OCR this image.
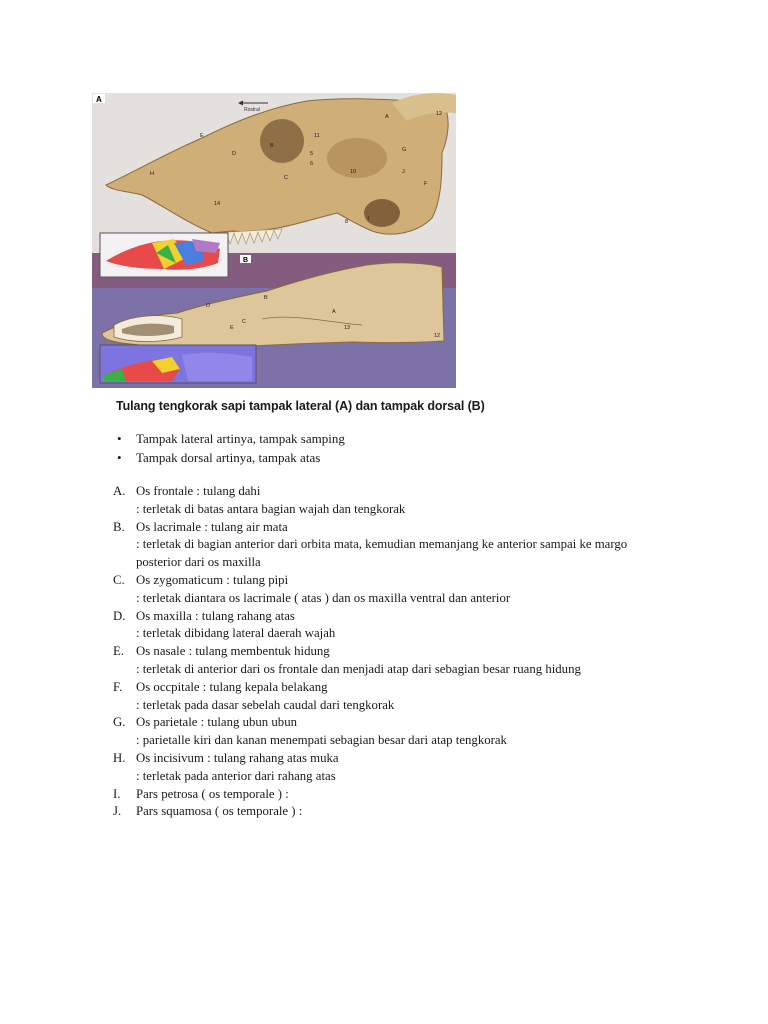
Rostral
A
A
B
C
D
E
F
G
H
I
J
5
6
8
10
11
12
14
B
A
B
C
D
E
12
13
Tulang tengkorak sapi tampak lateral (A) dan tampak dorsal (B)
• Tampak lateral artinya, tampak samping
• Tampak dorsal artinya, tampak atas
A. Os frontale : tulang dahi
: terletak di batas antara bagian wajah dan tengkorak
B. Os lacrimale : tulang air mata
: terletak di bagian anterior dari orbita mata, kemudian memanjang ke anterior sampai ke margo posterior dari os maxilla
C. Os zygomaticum : tulang pipi
: terletak diantara os lacrimale ( atas ) dan os maxilla ventral dan anterior
D. Os maxilla : tulang rahang atas
: terletak dibidang lateral daerah wajah
E. Os nasale : tulang membentuk hidung
: terletak di anterior dari os frontale dan menjadi atap dari sebagian besar ruang hidung
F. Os occpitale : tulang kepala belakang
: terletak pada dasar sebelah caudal dari tengkorak
G. Os parietale : tulang ubun ubun
: parietalle kiri dan kanan menempati sebagian besar dari atap tengkorak
H. Os incisivum : tulang rahang atas muka
: terletak pada anterior dari rahang atas
I. Pars petrosa ( os temporale ) :
J. Pars squamosa ( os temporale ) :
